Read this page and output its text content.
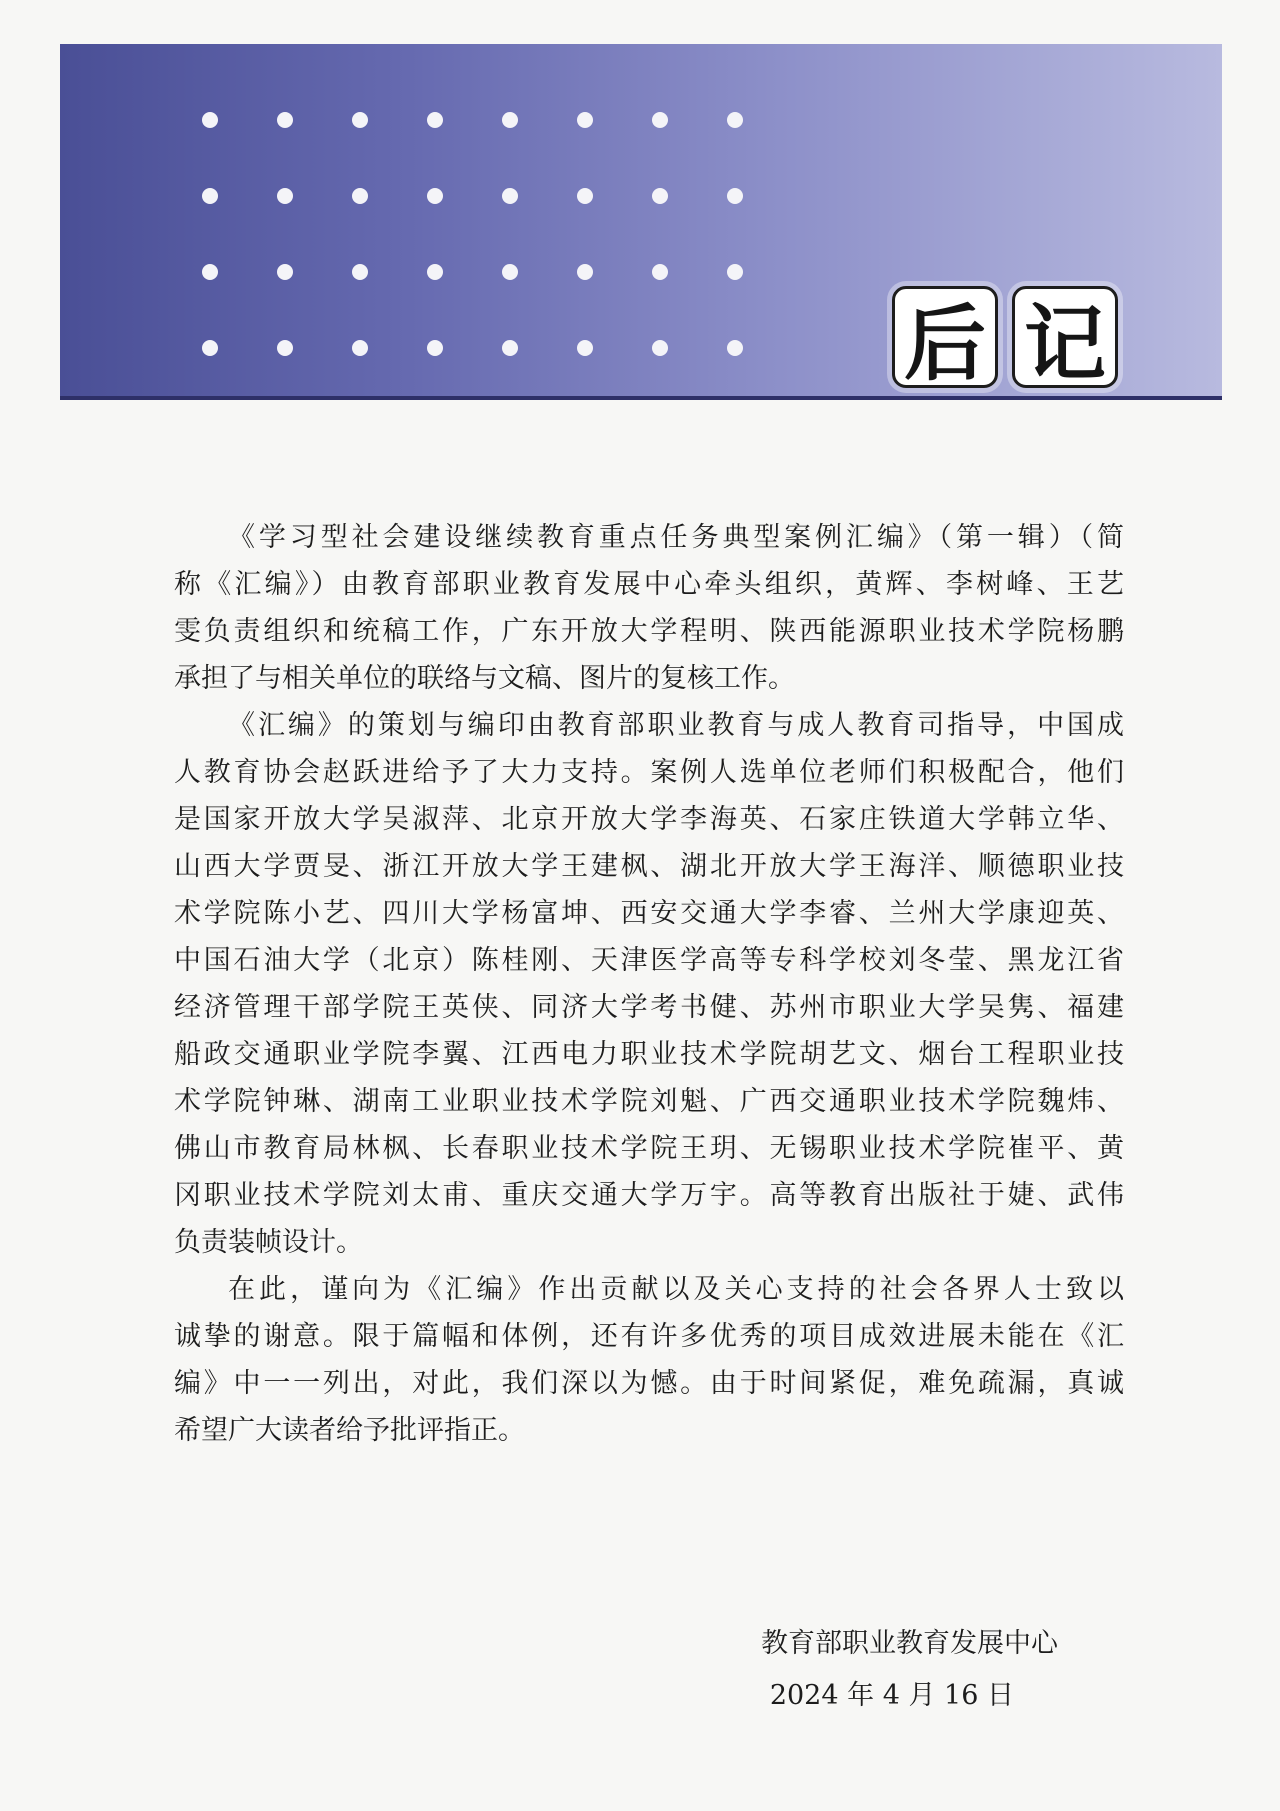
后 记
《学习型社会建设继续教育重点任务典型案例汇编》（第一辑）（简
称《汇编》）由教育部职业教育发展中心牵头组织，黄辉、李树峰、王艺
雯负责组织和统稿工作，广东开放大学程明、陕西能源职业技术学院杨鹏
承担了与相关单位的联络与文稿、图片的复核工作。
《汇编》的策划与编印由教育部职业教育与成人教育司指导，中国成
人教育协会赵跃进给予了大力支持。案例人选单位老师们积极配合，他们
是国家开放大学吴淑萍、北京开放大学李海英、石家庄铁道大学韩立华、
山西大学贾旻、浙江开放大学王建枫、湖北开放大学王海洋、顺德职业技
术学院陈小艺、四川大学杨富坤、西安交通大学李睿、兰州大学康迎英、
中国石油大学（北京）陈桂刚、天津医学高等专科学校刘冬莹、黑龙江省
经济管理干部学院王英侠、同济大学考书健、苏州市职业大学吴隽、福建
船政交通职业学院李翼、江西电力职业技术学院胡艺文、烟台工程职业技
术学院钟琳、湖南工业职业技术学院刘魁、广西交通职业技术学院魏炜、
佛山市教育局林枫、长春职业技术学院王玥、无锡职业技术学院崔平、黄
冈职业技术学院刘太甫、重庆交通大学万宇。高等教育出版社于婕、武伟
负责装帧设计。
在此，谨向为《汇编》作出贡献以及关心支持的社会各界人士致以
诚挚的谢意。限于篇幅和体例，还有许多优秀的项目成效进展未能在《汇
编》中一一列出，对此，我们深以为憾。由于时间紧促，难免疏漏，真诚
希望广大读者给予批评指正。
教育部职业教育发展中心
2024 年 4 月 16 日
